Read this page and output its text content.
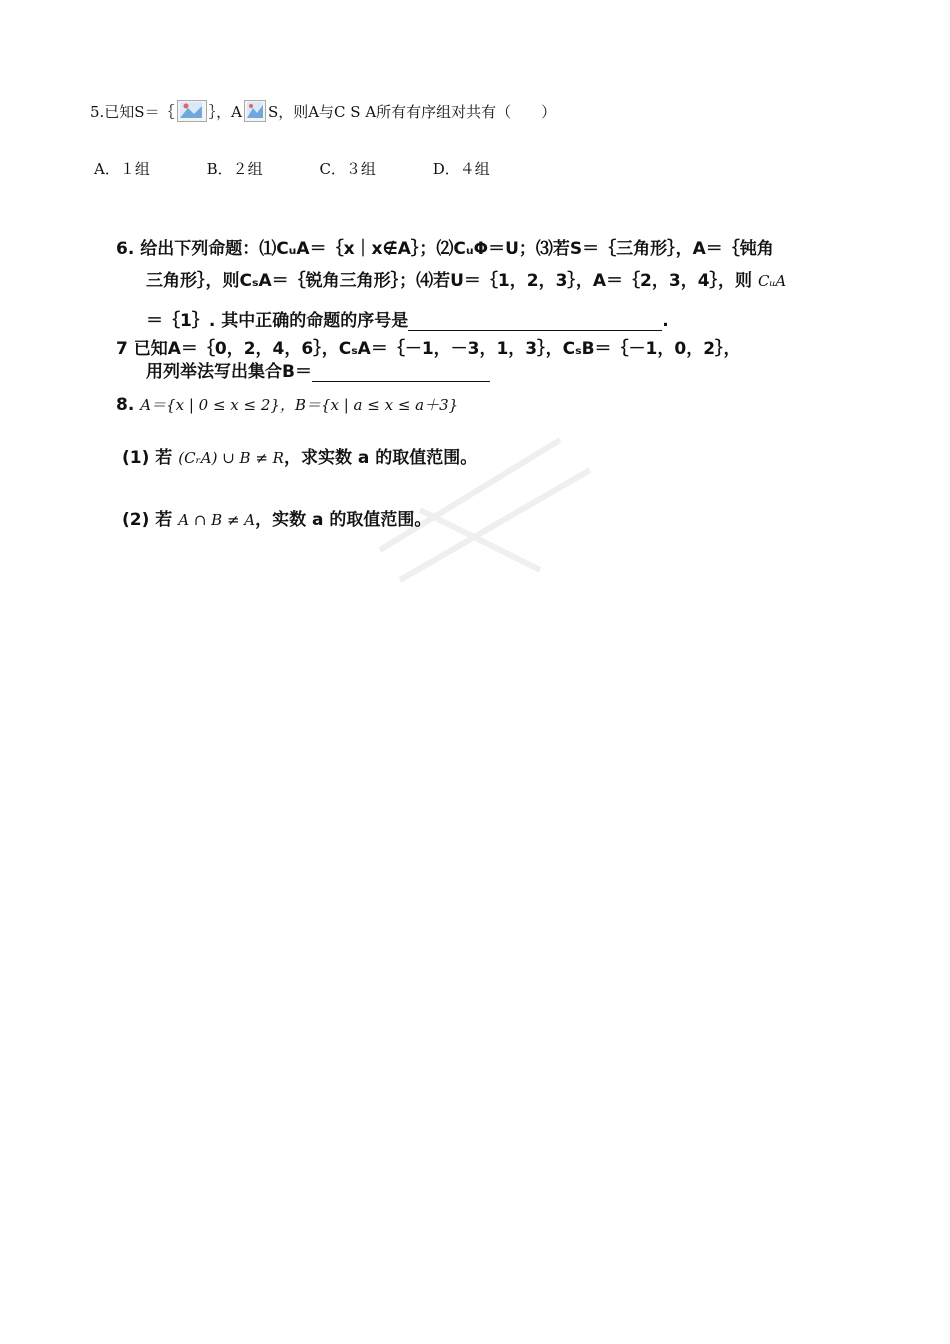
5.已知S＝｛ ｝，A S，则A与C S A所有有序组对共有（　　）
A．１组	B．２组	C．３组	D．４组
6. 给出下列命题：⑴CᵤA＝｛x｜x∉A｝；⑵CᵤΦ＝U；⑶若S＝｛三角形｝，A＝｛钝角
三角形｝，则CₛA＝｛锐角三角形｝；⑷若U＝｛1，2，3｝，A＝｛2，3，4｝，则 CᵤA
＝｛1｝. 其中正确的命题的序号是	.
7 已知A＝｛0，2，4，6｝，CₛA＝｛－1，－3，1，3｝，CₛB＝｛－1，0，2｝，
用列举法写出集合B＝
8. A＝{x | 0 ≤ x ≤ 2}，B＝{x | a ≤ x ≤ a＋3}
(1) 若 (CᵣA) ∪ B ≠ R，求实数 a 的取值范围。
(2) 若 A ∩ B ≠ A，实数 a 的取值范围。
